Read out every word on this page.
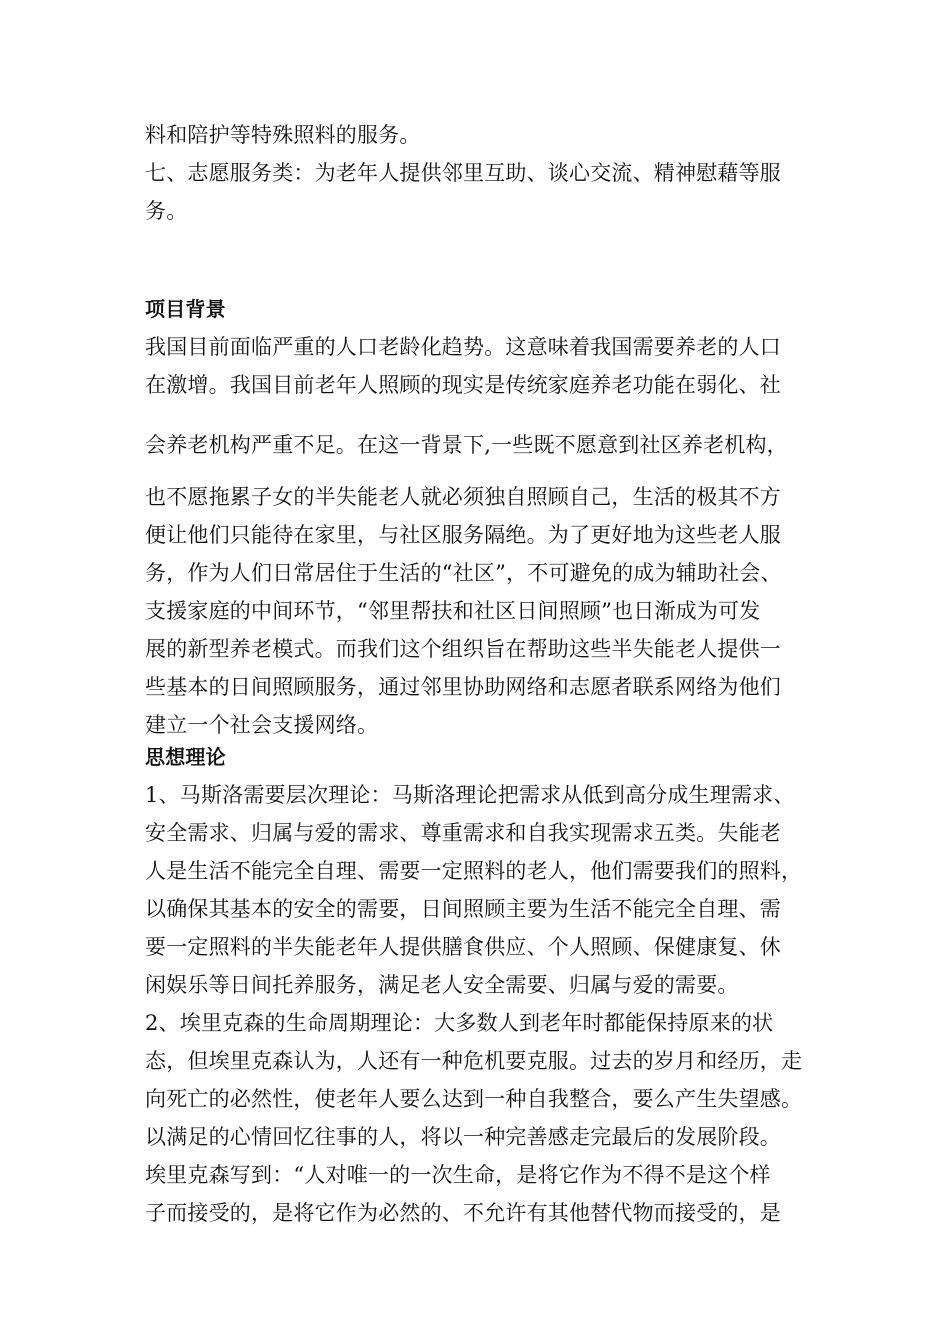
料和陪护等特殊照料的服务。
七、志愿服务类：为老年人提供邻里互助、谈心交流、精神慰藉等服
务。
项目背景
我国目前面临严重的人口老龄化趋势。这意味着我国需要养老的人口
在激增。我国目前老年人照顾的现实是传统家庭养老功能在弱化、社
会养老机构严重不足。在这一背景下,一些既不愿意到社区养老机构，
也不愿拖累子女的半失能老人就必须独自照顾自己，生活的极其不方
便让他们只能待在家里，与社区服务隔绝。为了更好地为这些老人服
务，作为人们日常居住于生活的“社区”，不可避免的成为辅助社会、
支援家庭的中间环节，“邻里帮扶和社区日间照顾”也日渐成为可发
展的新型养老模式。而我们这个组织旨在帮助这些半失能老人提供一
些基本的日间照顾服务，通过邻里协助网络和志愿者联系网络为他们
建立一个社会支援网络。
思想理论
1、马斯洛需要层次理论：马斯洛理论把需求从低到高分成生理需求、
安全需求、归属与爱的需求、尊重需求和自我实现需求五类。失能老
人是生活不能完全自理、需要一定照料的老人，他们需要我们的照料，
以确保其基本的安全的需要，日间照顾主要为生活不能完全自理、需
要一定照料的半失能老年人提供膳食供应、个人照顾、保健康复、休
闲娱乐等日间托养服务，满足老人安全需要、归属与爱的需要。
2、埃里克森的生命周期理论：大多数人到老年时都能保持原来的状
态，但埃里克森认为，人还有一种危机要克服。过去的岁月和经历，走
向死亡的必然性，使老年人要么达到一种自我整合，要么产生失望感。
以满足的心情回忆往事的人，将以一种完善感走完最后的发展阶段。
埃里克森写到：“人对唯一的一次生命，是将它作为不得不是这个样
子而接受的，是将它作为必然的、不允许有其他替代物而接受的，是
